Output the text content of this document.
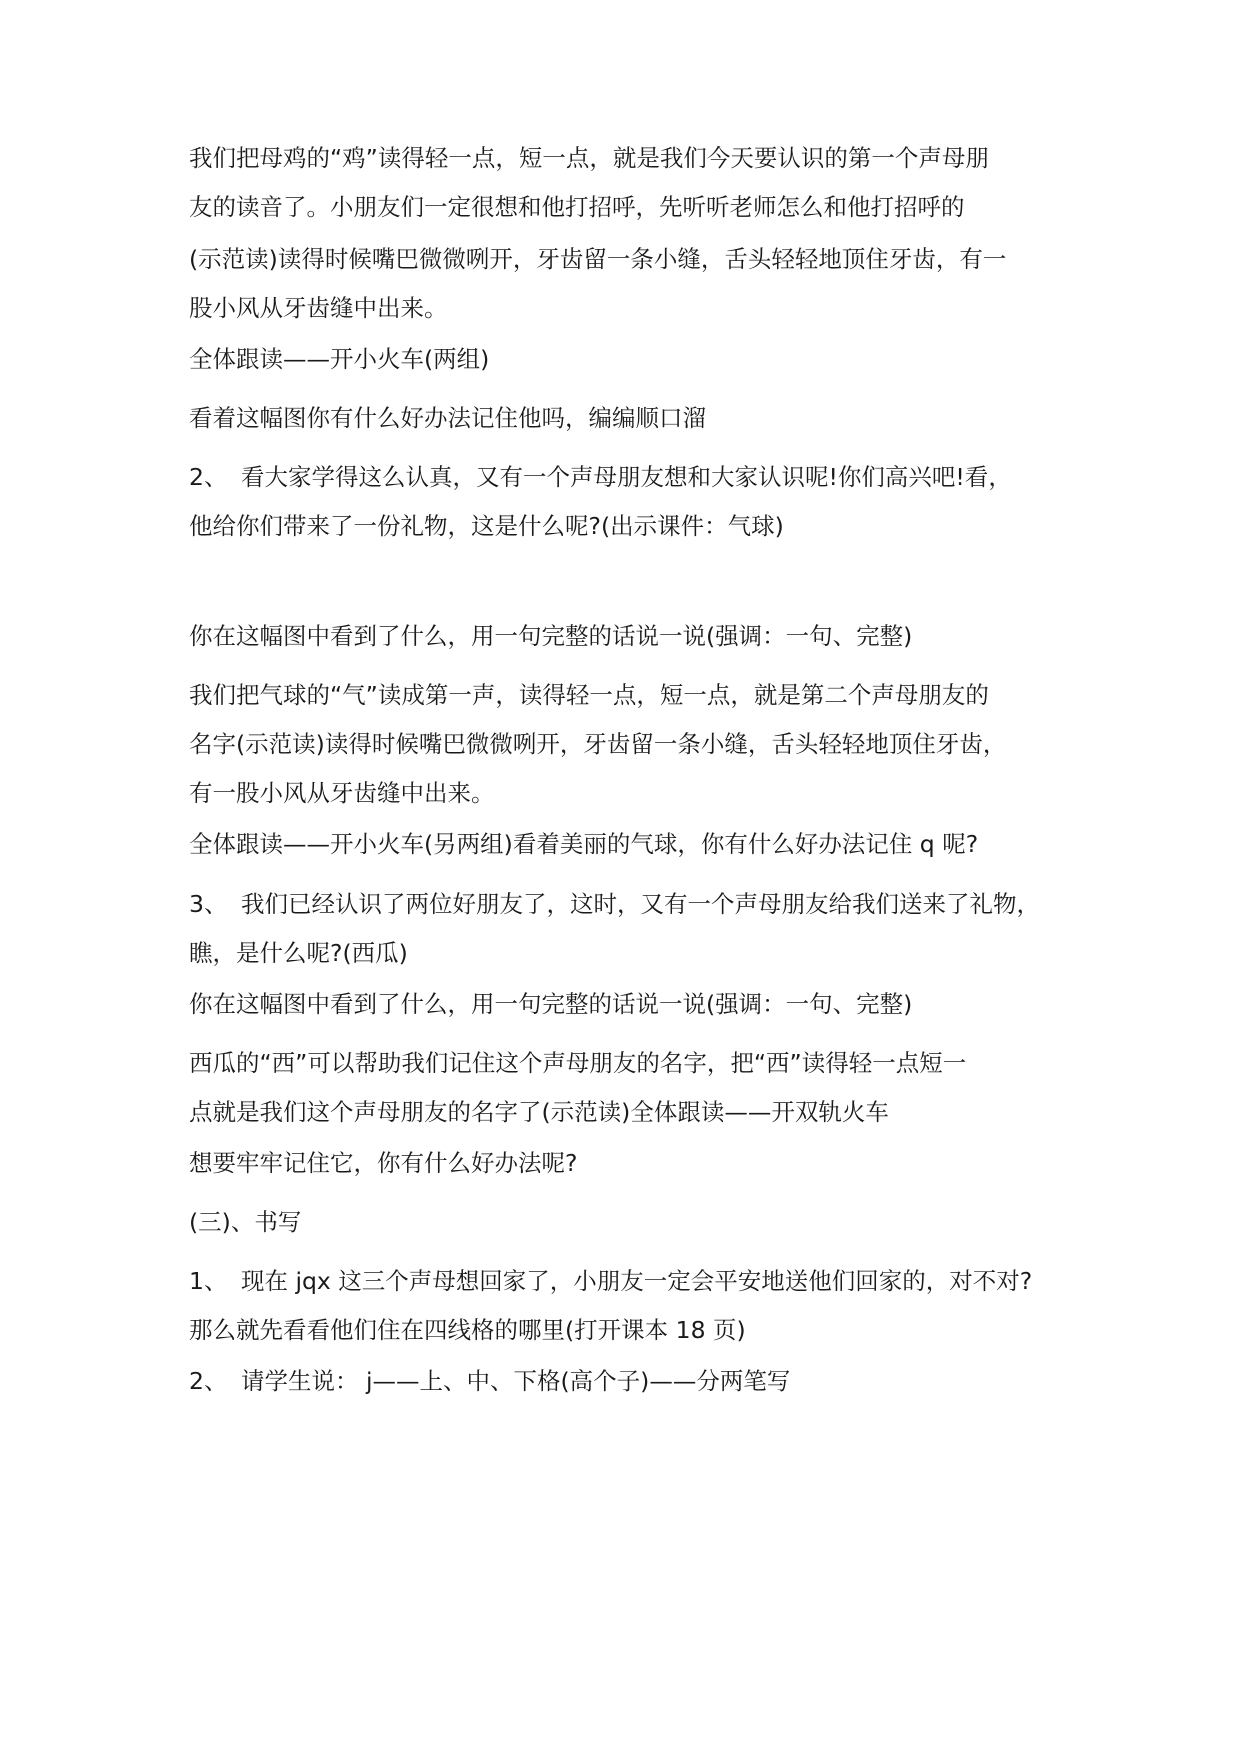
我们把母鸡的“鸡”读得轻一点，短一点，就是我们今天要认识的第一个声母朋
友的读音了。小朋友们一定很想和他打招呼，先听听老师怎么和他打招呼的

(示范读)读得时候嘴巴微微咧开，牙齿留一条小缝，舌头轻轻地顶住牙齿，有一
股小风从牙齿缝中出来。

全体跟读——开小火车(两组)

看着这幅图你有什么好办法记住他吗，编编顺口溜

2、 看大家学得这么认真，又有一个声母朋友想和大家认识呢!你们高兴吧!看，
他给你们带来了一份礼物，这是什么呢?(出示课件：气球)

你在这幅图中看到了什么，用一句完整的话说一说(强调：一句、完整)

我们把气球的“气”读成第一声，读得轻一点，短一点，就是第二个声母朋友的
名字(示范读)读得时候嘴巴微微咧开，牙齿留一条小缝，舌头轻轻地顶住牙齿，
有一股小风从牙齿缝中出来。

全体跟读——开小火车(另两组)看着美丽的气球，你有什么好办法记住 q 呢?

3、 我们已经认识了两位好朋友了，这时，又有一个声母朋友给我们送来了礼物，
瞧，是什么呢?(西瓜)

你在这幅图中看到了什么，用一句完整的话说一说(强调：一句、完整)

西瓜的“西”可以帮助我们记住这个声母朋友的名字，把“西”读得轻一点短一
点就是我们这个声母朋友的名字了(示范读)全体跟读——开双轨火车

想要牢牢记住它，你有什么好办法呢?

(三)、书写

1、 现在 jqx 这三个声母想回家了，小朋友一定会平安地送他们回家的，对不对?
那么就先看看他们住在四线格的哪里(打开课本 18 页)

2、 请学生说： j——上、中、下格(高个子)——分两笔写
